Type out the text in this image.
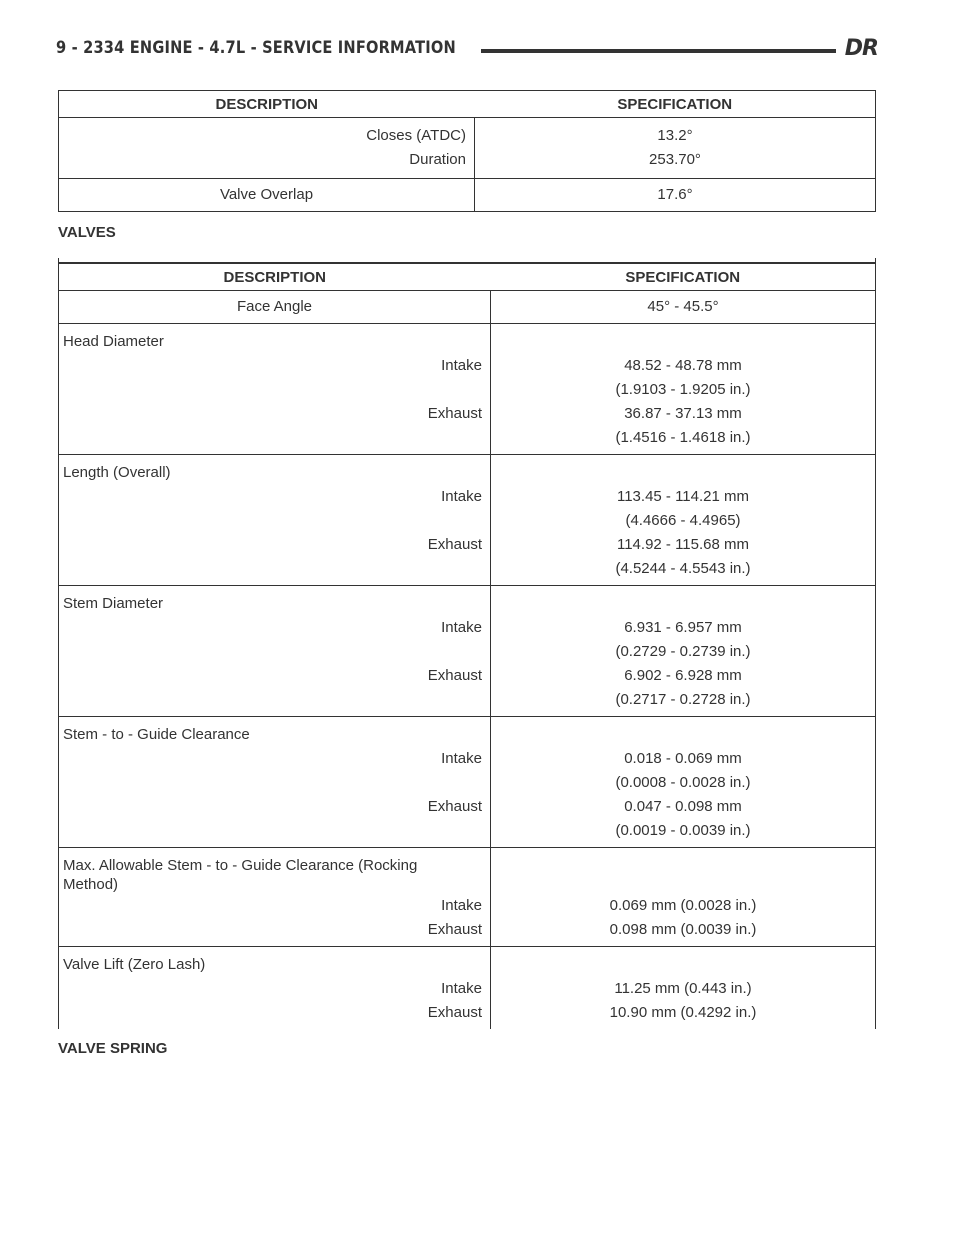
9 - 2334 ENGINE - 4.7L - SERVICE INFORMATION	DR
DESCRIPTION	SPECIFICATION
Closes (ATDC)	13.2°
Duration	253.70°
Valve Overlap	17.6°
VALVES
DESCRIPTION	SPECIFICATION
Face Angle	45° - 45.5°
Head Diameter	
Intake	48.52 - 48.78 mm
	(1.9103 - 1.9205 in.)
Exhaust	36.87 - 37.13 mm
	(1.4516 - 1.4618 in.)
Length (Overall)	
Intake	113.45 - 114.21 mm
	(4.4666 - 4.4965)
Exhaust	114.92 - 115.68 mm
	(4.5244 - 4.5543 in.)
Stem Diameter	
Intake	6.931 - 6.957 mm
	(0.2729 - 0.2739 in.)
Exhaust	6.902 - 6.928 mm
	(0.2717 - 0.2728 in.)
Stem - to - Guide Clearance	
Intake	0.018 - 0.069 mm
	(0.0008 - 0.0028 in.)
Exhaust	0.047 - 0.098 mm
	(0.0019 - 0.0039 in.)
Max. Allowable Stem - to - Guide Clearance (Rocking Method)	
Intake	0.069 mm (0.0028 in.)
Exhaust	0.098 mm (0.0039 in.)
Valve Lift (Zero Lash)	
Intake	11.25 mm (0.443 in.)
Exhaust	10.90 mm (0.4292 in.)
VALVE SPRING
